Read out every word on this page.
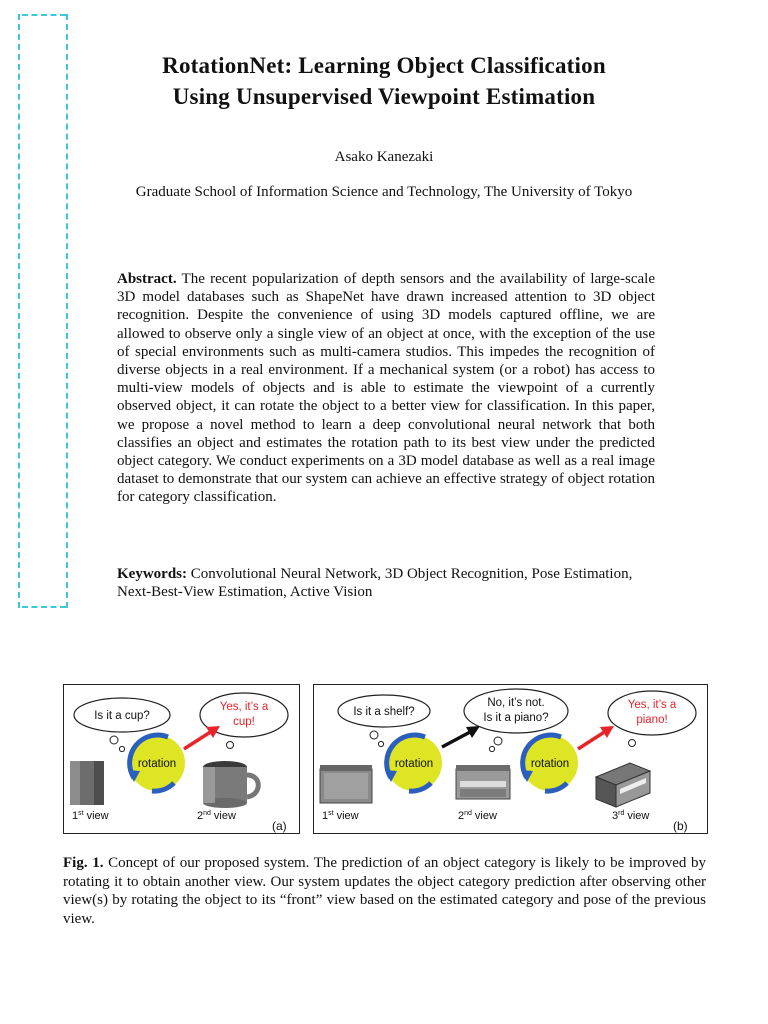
RotationNet: Learning Object Classification
Using Unsupervised Viewpoint Estimation
Asako Kanezaki
Graduate School of Information Science and Technology, The University of Tokyo
Abstract. The recent popularization of depth sensors and the availability of large-scale 3D model databases such as ShapeNet have drawn increased attention to 3D object recognition. Despite the convenience of using 3D models captured offline, we are allowed to observe only a single view of an object at once, with the exception of the use of special environments such as multi-camera studios. This impedes the recognition of diverse objects in a real environment. If a mechanical system (or a robot) has access to multi-view models of objects and is able to estimate the viewpoint of a currently observed object, it can rotate the object to a better view for classification. In this paper, we propose a novel method to learn a deep convolutional neural network that both classifies an object and estimates the rotation path to its best view under the predicted object category. We conduct experiments on a 3D model database as well as a real image dataset to demonstrate that our system can achieve an effective strategy of object rotation for category classification.
Keywords: Convolutional Neural Network, 3D Object Recognition, Pose Estimation, Next-Best-View Estimation, Active Vision
Is it a cup?
Yes, it’s a
cup!
rotation
1st view	2nd view
(a)
Is it a shelf?
No, it’s not.
Is it a piano?
Yes, it’s a
piano!
rotation	rotation
1st view	2nd view	3rd view
(b)
Fig. 1. Concept of our proposed system. The prediction of an object category is likely to be improved by rotating it to obtain another view. Our system updates the object category prediction after observing other view(s) by rotating the object to its “front” view based on the estimated category and pose of the previous view.
